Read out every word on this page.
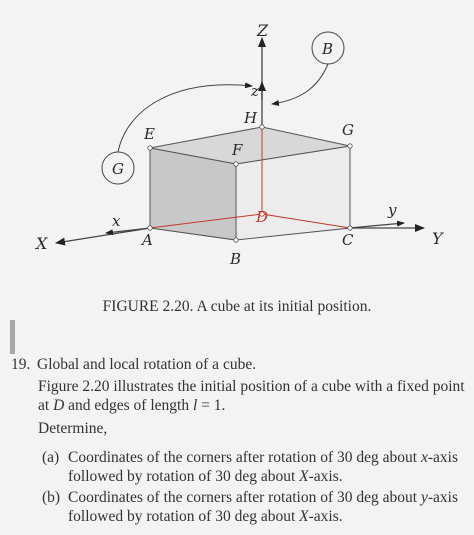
Z
z
B
G
E
F
H
G
D
x
X	A
B
C
y
Y

FIGURE 2.20. A cube at its initial position.

19. Global and local rotation of a cube.

Figure 2.20 illustrates the initial position of a cube with a fixed point
at D and edges of length l = 1.

Determine,

(a) Coordinates of the corners after rotation of 30 deg about x-axis
followed by rotation of 30 deg about X-axis.

(b) Coordinates of the corners after rotation of 30 deg about y-axis
followed by rotation of 30 deg about X-axis.
